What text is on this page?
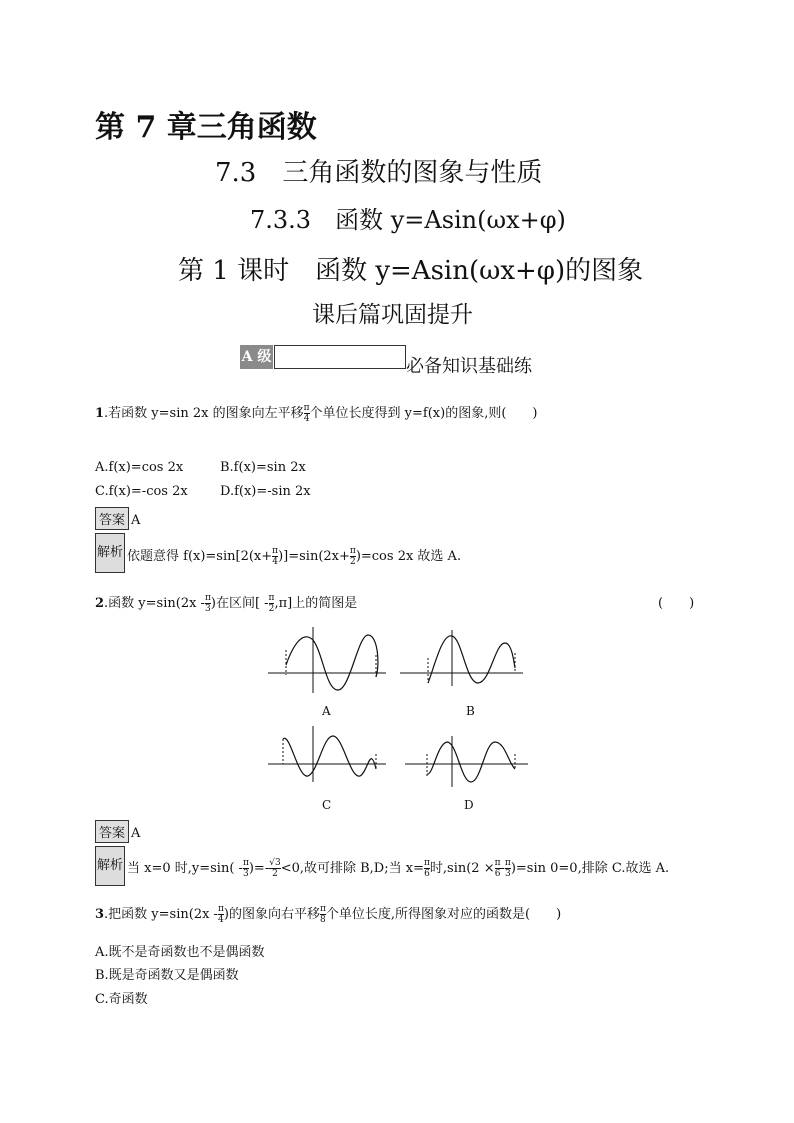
第 7 章三角函数
7.3　三角函数的图象与性质
7.3.3　函数 y=Asin(ωx+φ)
第 1 课时　函数 y=Asin(ωx+φ)的图象
课后篇巩固提升
A 级	必备知识基础练
1.若函数 y=sin 2x 的图象向左平移 $\frac{\pi}{4}$ 个单位长度得到 y=f(x)的图象,则(　　)
A.f(x)=cos 2x	B.f(x)=sin 2x
C.f(x)=-cos 2x D.f(x)=-sin 2x
答案 A
解析 依题意得 $f(x)=\sin[2(x+ \frac{\pi}{4} )]=\sin(2x+ \frac{\pi}{2} )=\cos$ 2x 故选 A.
2.函数 $y=\sin(2x - \frac{\pi}{3}$ )在区间[ - $\frac{\pi}{2} ,\pi$]上的简图是	(　　)
A	B
C	D
答案 A
解析 当 x=0 时$,y=\sin( - \frac{\pi}{3}$ )=- $\frac{√3}{2} <0$,故可排除 B,D;当 $x= \frac{\pi}{6}$ 时$,\sin(2 \times \frac{\pi}{6} - \frac{\pi}{3} )=\sin$ 0=0,排除 C.故选 A.
3.把函数 $y=\sin(2x - \frac{\pi}{4}$ )的图象向右平移 $\frac{\pi}{8}$ 个单位长度,所得图象对应的函数是(　　)
A.既不是奇函数也不是偶函数
B.既是奇函数又是偶函数
C.奇函数
